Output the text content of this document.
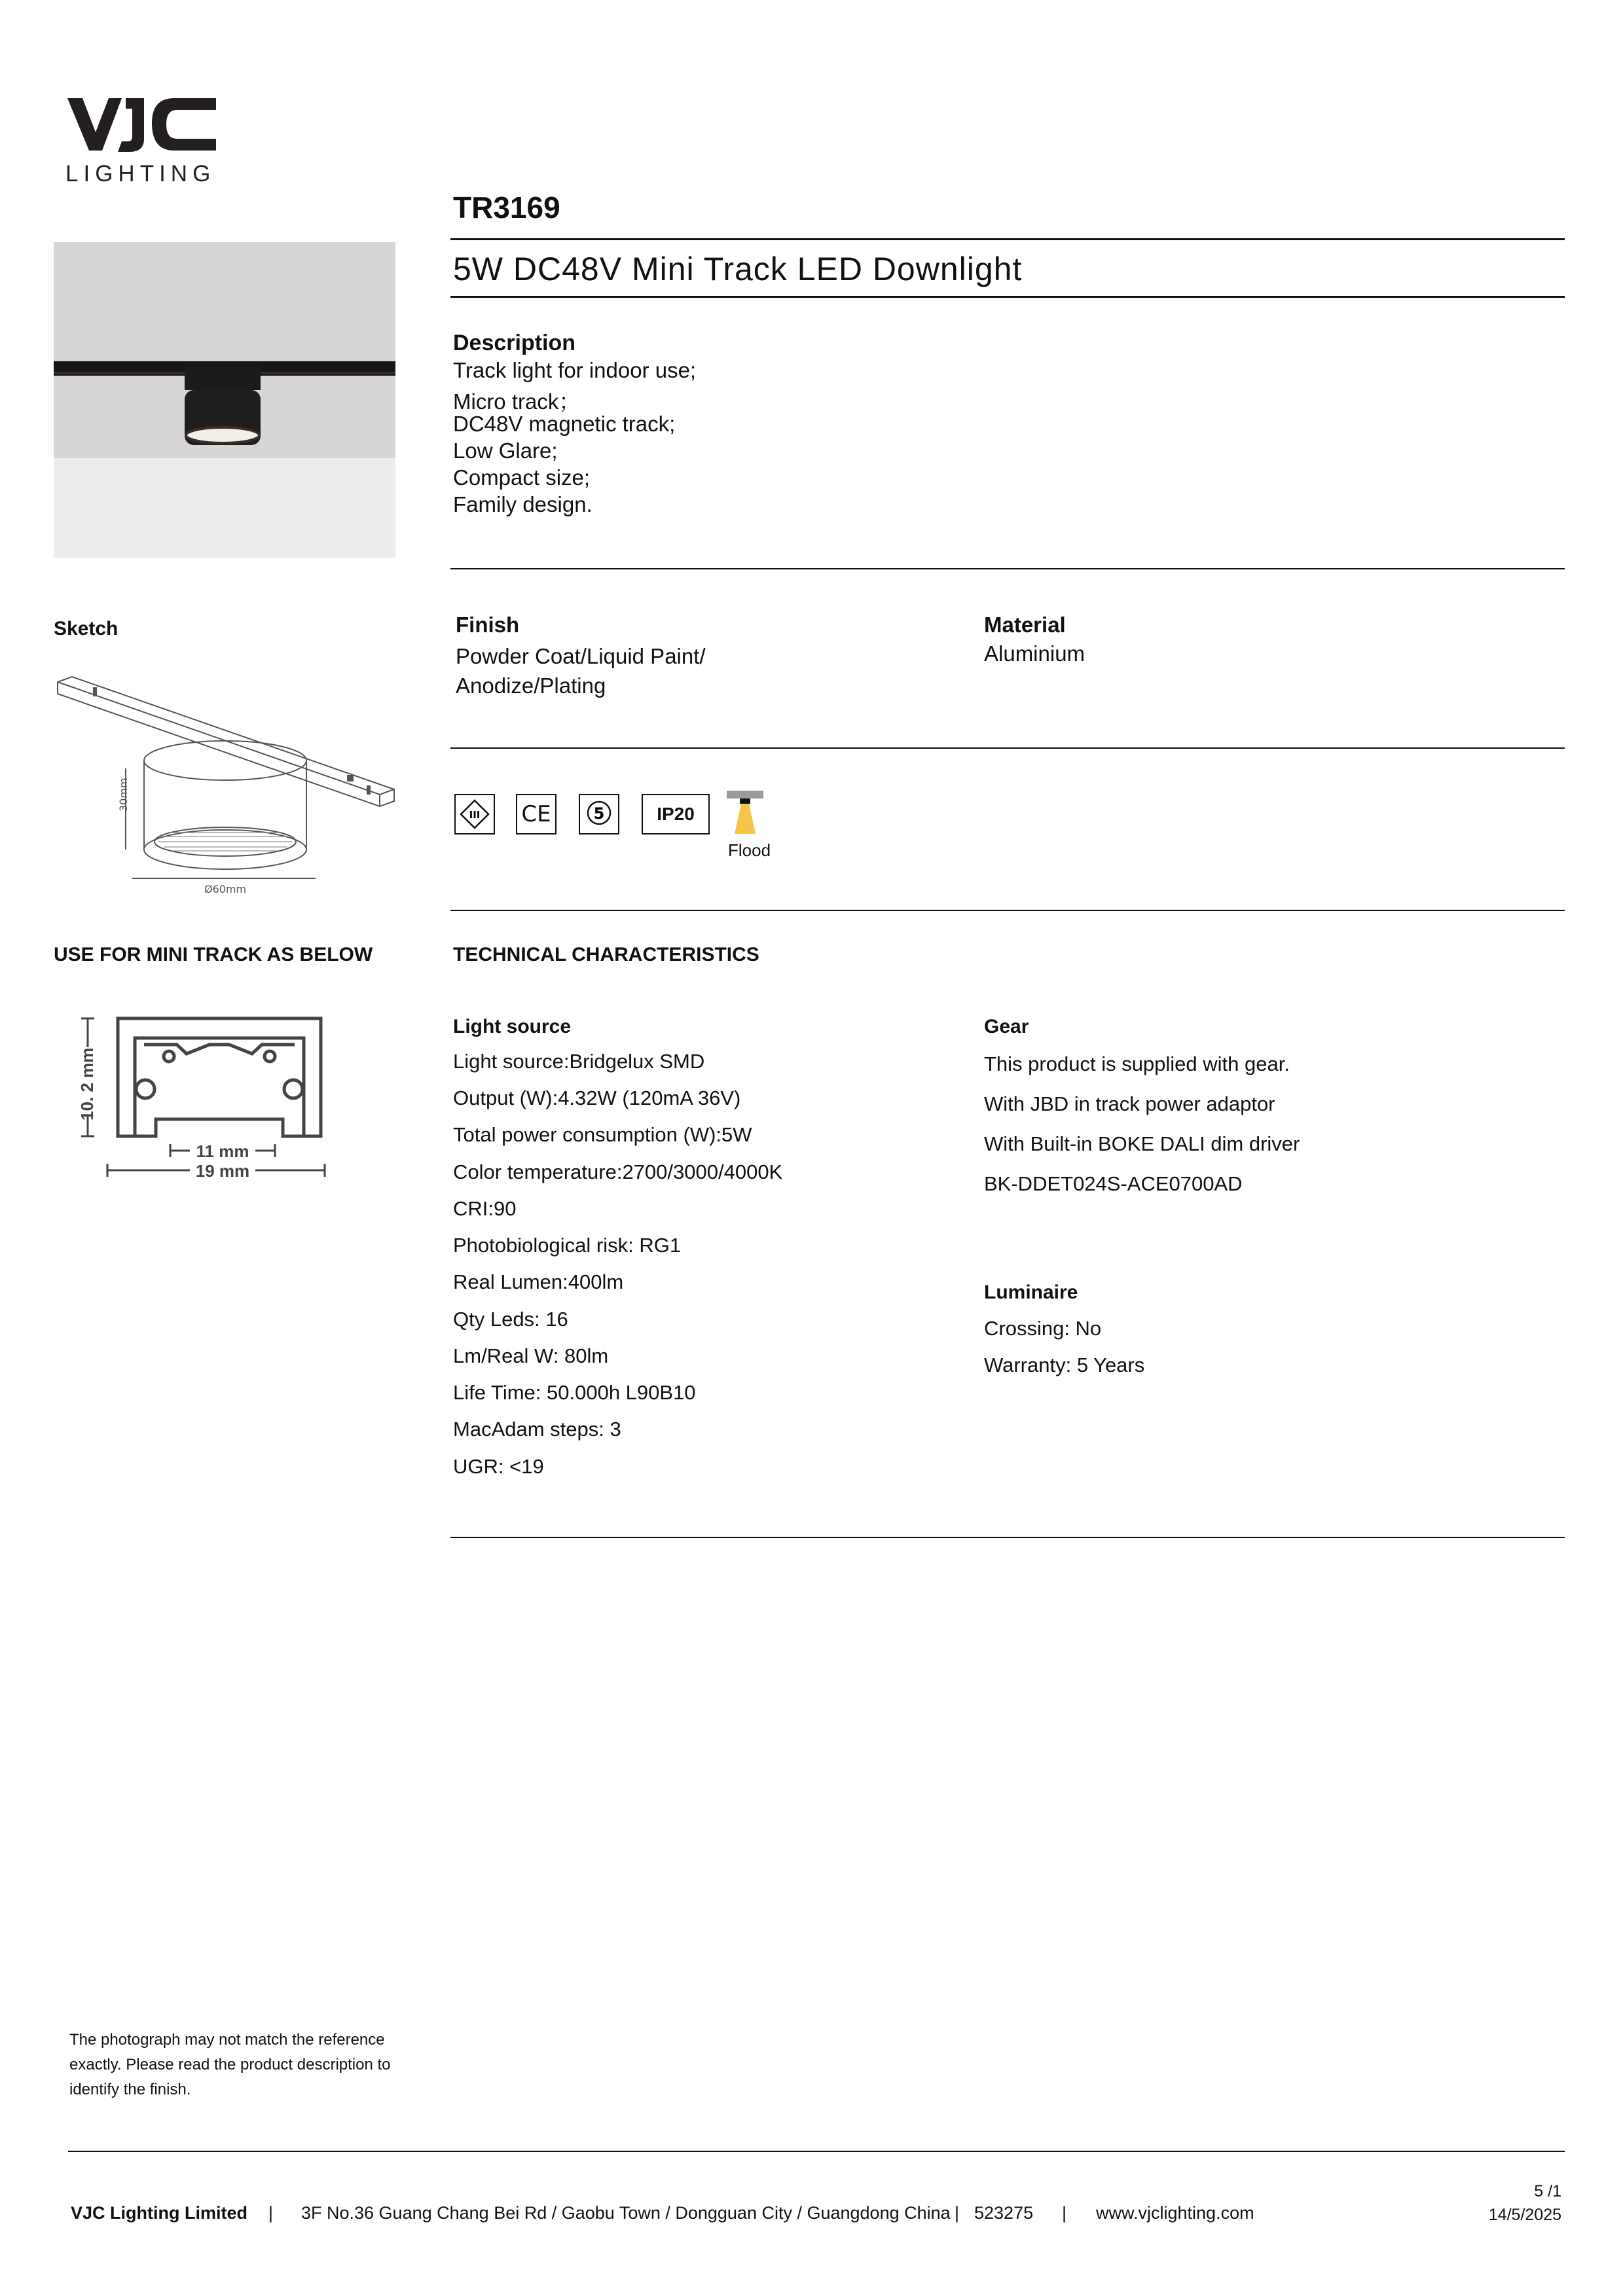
LIGHTING
TR3169
5W DC48V Mini Track LED Downlight
Description
Track light for indoor use;
Micro track；
DC48V magnetic track;
Low Glare;
Compact size;
Family design.
Sketch
30mm
Ø60mm
Finish
Powder Coat/Liquid Paint/ Anodize/Plating
Material
Aluminium
III CE	5	IP20
Flood
USE FOR MINI TRACK AS BELOW
10. 2 mm
11 mm
19 mm
TECHNICAL CHARACTERISTICS
Light source
Light source:Bridgelux SMD
Output (W):4.32W (120mA 36V)
Total power consumption (W):5W
Color temperature:2700/3000/4000K
CRI:90
Photobiological risk: RG1
Real Lumen:400lm
Qty Leds: 16
Lm/Real W: 80lm
Life Time: 50.000h L90B10
MacAdam steps: 3
UGR: <19
Gear
This product is supplied with gear.
With JBD in track power adaptor
With Built-in BOKE DALI dim driver
BK-DDET024S-ACE0700AD
Luminaire
Crossing: No
Warranty: 5 Years
The photograph may not match the reference exactly. Please read the product description to identify the finish.
VJC Lighting Limited | 3F No.36 Guang Chang Bei Rd / Gaobu Town / Dongguan City / Guangdong China | 523275 | www.vjclighting.com
5 /1
14/5/2025
